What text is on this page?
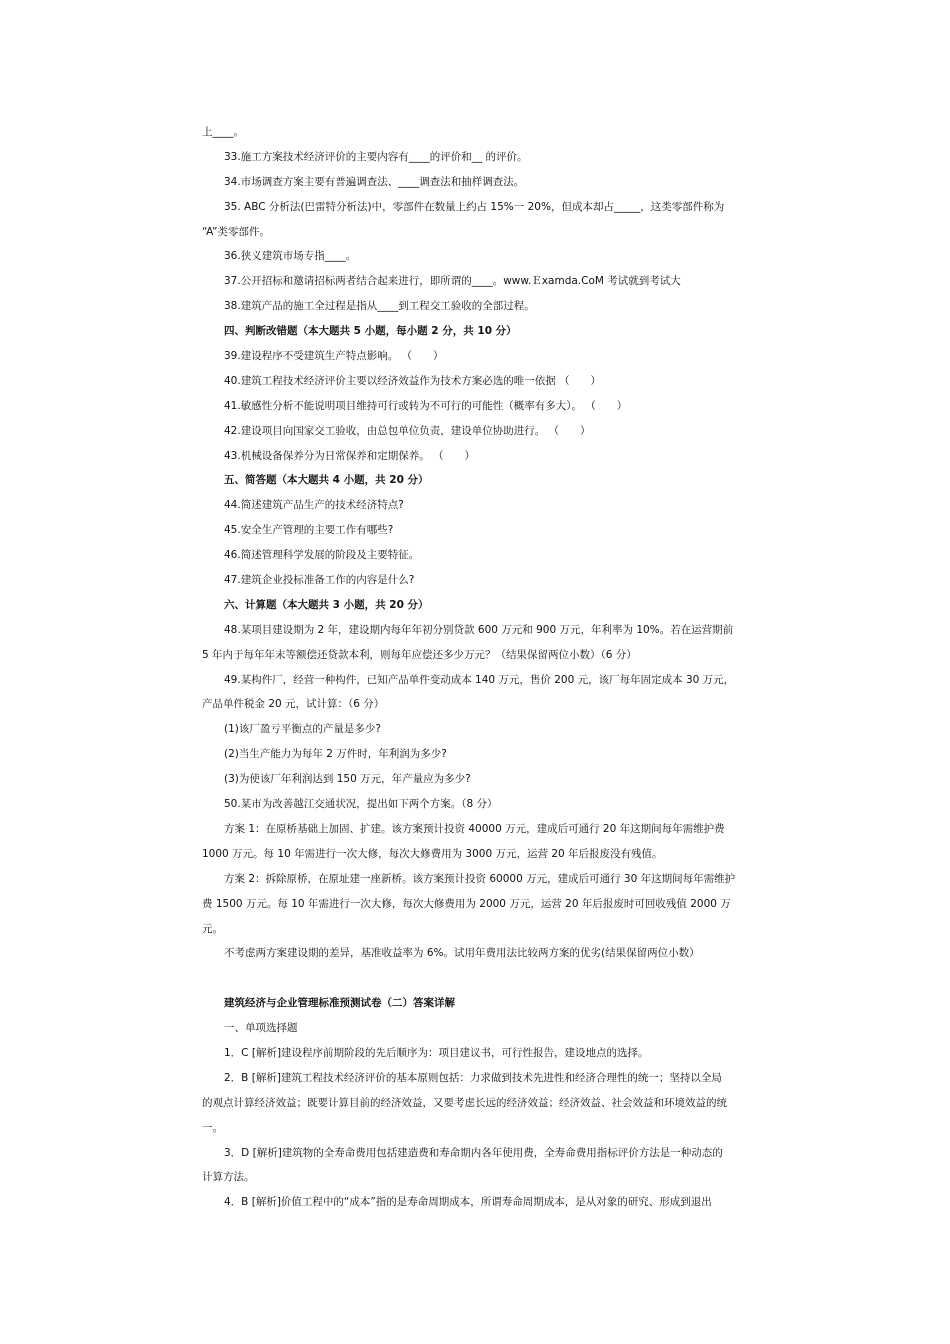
上____。
33.施工方案技术经济评价的主要内容有____的评价和__ 的评价。
34.市场调查方案主要有普遍调查法、____调查法和抽样调查法。
35. ABC 分析法(巴雷特分析法)中，零部件在数量上约占 15%一 20%，但成本却占_____，这类零部件称为
“A”类零部件。
36.狭义建筑市场专指____。
37.公开招标和邀请招标两者结合起来进行，即所谓的____。www.Ｅxamda.CoM 考试就到考试大
38.建筑产品的施工全过程是指从____到工程交工验收的全部过程。
四、判断改错题（本大题共 5 小题，每小题 2 分，共 10 分）
39.建设程序不受建筑生产特点影响。 （　　）
40.建筑工程技术经济评价主要以经济效益作为技术方案必选的唯一依据 （　　）
41.敏感性分析不能说明项目维持可行或转为不可行的可能性（概率有多大）。 （　　）
42.建设项目向国家交工验收，由总包单位负责，建设单位协助进行。 （　　）
43.机械设备保养分为日常保养和定期保养。 （　　）
五、简答题（本大题共 4 小题，共 20 分）
44.简述建筑产品生产的技术经济特点?
45.安全生产管理的主要工作有哪些?
46.简述管理科学发展的阶段及主要特征。
47.建筑企业投标准备工作的内容是什么?
六、计算题（本大题共 3 小题，共 20 分）
48.某项目建设期为 2 年，建设期内每年年初分别贷款 600 万元和 900 万元，年利率为 10%。若在运营期前
5 年内于每年年末等额偿还贷款本利，则每年应偿还多少万元？（结果保留两位小数）（6 分）
49.某构件厂，经营一种构件，已知产品单件变动成本 140 万元，售价 200 元，该厂每年固定成本 30 万元，
产品单件税金 20 元，试计算：（6 分）
(1)该厂盈亏平衡点的产量是多少?
(2)当生产能力为每年 2 万件时，年利润为多少?
(3)为使该厂年利润达到 150 万元，年产量应为多少?
50.某市为改善越江交通状况，提出如下两个方案。（8 分）
方案 1：在原桥基础上加固、扩建。该方案预计投资 40000 万元，建成后可通行 20 年这期间每年需维护费
1000 万元。每 10 年需进行一次大修，每次大修费用为 3000 万元，运营 20 年后报废没有残值。
方案 2：拆除原桥，在原址建一座新桥。该方案预计投资 60000 万元，建成后可通行 30 年这期间每年需维护
费 1500 万元。每 10 年需进行一次大修，每次大修费用为 2000 万元，运营 20 年后报废时可回收残值 2000 万
元。
不考虑两方案建设期的差异，基准收益率为 6%。试用年费用法比较两方案的优劣(结果保留两位小数）
建筑经济与企业管理标准预测试卷（二）答案详解
一、单项选择题
1．C [解析]建设程序前期阶段的先后顺序为：项目建议书，可行性报告，建设地点的选择。
2．B [解析]建筑工程技术经济评价的基本原则包括：力求做到技术先进性和经济合理性的统一；坚持以全局
的观点计算经济效益；既要计算目前的经济效益，又要考虑长远的经济效益；经济效益、社会效益和环境效益的统
一。
3．D [解析]建筑物的全寿命费用包括建造费和寿命期内各年使用费，全寿命费用指标评价方法是一种动态的
计算方法。
4．B [解析]价值工程中的“成本”指的是寿命周期成本，所谓寿命周期成本，是从对象的研究、形成到退出
